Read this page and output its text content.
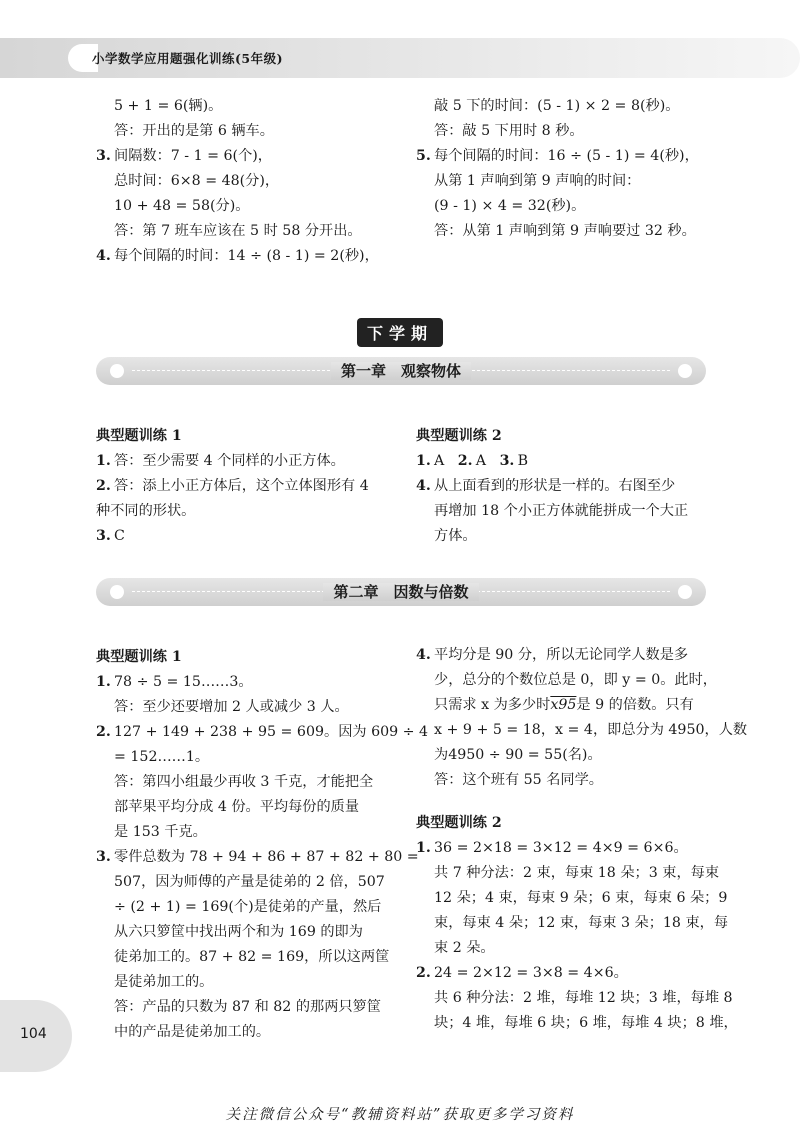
小学数学应用题强化训练(5年级)

5 + 1 = 6(辆)。

答：开出的是第 6 辆车。

3. 间隔数：7 - 1 = 6(个)，

总时间：6×8 = 48(分)，

10 + 48 = 58(分)。

答：第 7 班车应该在 5 时 58 分开出。

4. 每个间隔的时间：14 ÷ (8 - 1) = 2(秒)，

敲 5 下的时间：(5 - 1) × 2 = 8(秒)。

答：敲 5 下用时 8 秒。

5. 每个间隔的时间：16 ÷ (5 - 1) = 4(秒)，

从第 1 声响到第 9 声响的时间：

(9 - 1) × 4 = 32(秒)。

答：从第 1 声响到第 9 声响要过 32 秒。

下学期
第一章　观察物体

典型题训练 1

1. 答：至少需要 4 个同样的小正方体。

2. 答：添上小正方体后，这个立体图形有 4

种不同的形状。

3. C

典型题训练 2

1. A 2. A 3. B

4. 从上面看到的形状是一样的。右图至少

再增加 18 个小正方体就能拼成一个大正

方体。

第二章　因数与倍数

典型题训练 1

1. 78 ÷ 5 = 15……3。

答：至少还要增加 2 人或减少 3 人。

2. 127 + 149 + 238 + 95 = 609。因为 609 ÷ 4

= 152……1。

答：第四小组最少再收 3 千克，才能把全

部苹果平均分成 4 份。平均每份的质量

是 153 千克。

3. 零件总数为 78 + 94 + 86 + 87 + 82 + 80 =

507，因为师傅的产量是徒弟的 2 倍，507

÷ (2 + 1) = 169(个)是徒弟的产量，然后

从六只箩筐中找出两个和为 169 的即为

徒弟加工的。87 + 82 = 169，所以这两筐

是徒弟加工的。

答：产品的只数为 87 和 82 的那两只箩筐

中的产品是徒弟加工的。

4. 平均分是 90 分，所以无论同学人数是多

少，总分的个数位总是 0，即 y = 0。此时，

只需求 x 为多少时x95是 9 的倍数。只有

x + 9 + 5 = 18，x = 4，即总分为 4950，人数

为4950 ÷ 90 = 55(名)。

答：这个班有 55 名同学。

典型题训练 2

1. 36 = 2×18 = 3×12 = 4×9 = 6×6。

共 7 种分法：2 束，每束 18 朵；3 束，每束

12 朵；4 束，每束 9 朵；6 束，每束 6 朵；9

束，每束 4 朵；12 束，每束 3 朵；18 束，每

束 2 朵。

2. 24 = 2×12 = 3×8 = 4×6。

共 6 种分法：2 堆，每堆 12 块；3 堆，每堆 8

块；4 堆，每堆 6 块；6 堆，每堆 4 块；8 堆，

104
关注微信公众号“教辅资料站”获取更多学习资料
